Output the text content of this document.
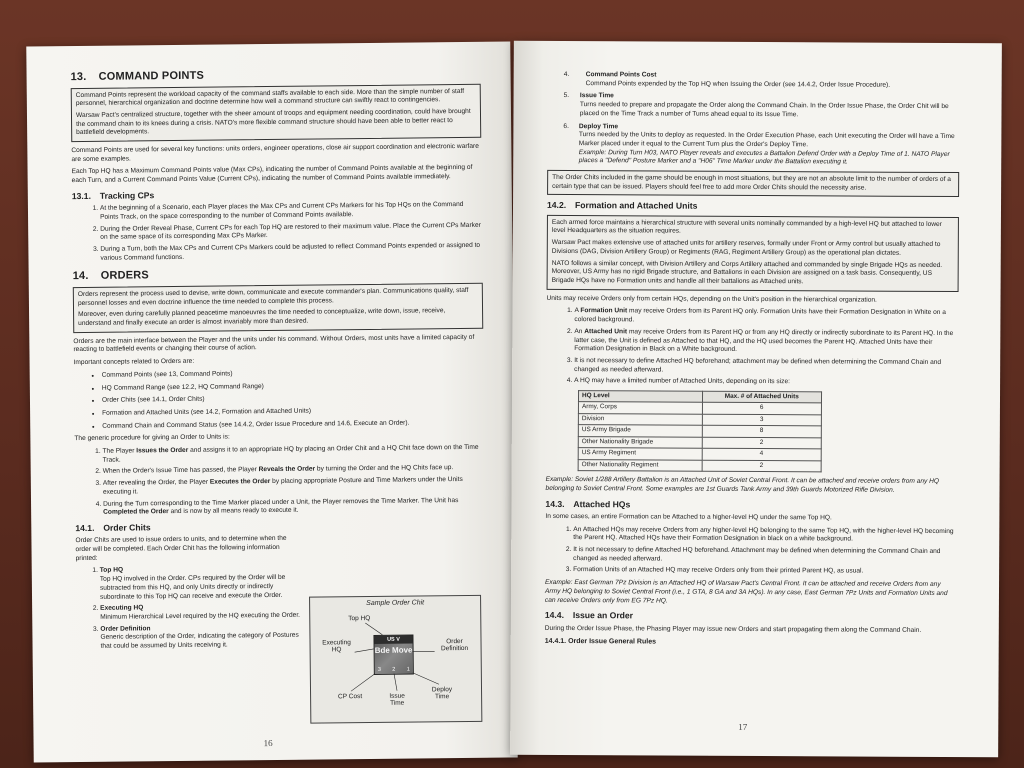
13. COMMAND POINTS

Command Points represent the workload capacity of the command staffs available to each side. More than the simple number of staff personnel, hierarchical organization and doctrine determine how well a command structure can swiftly react to contingencies.

Warsaw Pact's centralized structure, together with the sheer amount of troops and equipment needing coordination, could have brought the command chain to its knees during a crisis. NATO's more flexible command structure should have been able to better react to battlefield developments.

Command Points are used for several key functions: units orders, engineer operations, close air support coordination and electronic warfare are some examples.

Each Top HQ has a Maximum Command Points value (Max CPs), indicating the number of Command Points available at the beginning of each Turn, and a Current Command Points Value (Current CPs), indicating the number of Command Points available immediately.

13.1. Tracking CPs
1. At the beginning of a Scenario, each Player places the Max CPs and Current CPs Markers for his Top HQs on the Command Points Track, on the space corresponding to the number of Command Points available.
2. During the Order Reveal Phase, Current CPs for each Top HQ are restored to their maximum value. Place the Current CPs Marker on the same space of its corresponding Max CPs Marker.
3. During a Turn, both the Max CPs and Current CPs Markers could be adjusted to reflect Command Points expended or assigned to various Command functions.
14. ORDERS

Orders represent the process used to devise, write down, communicate and execute commander's plan. Communications quality, staff personnel losses and even doctrine influence the time needed to complete this process.

Moreover, even during carefully planned peacetime manoeuvres the time needed to conceptualize, write down, issue, receive, understand and finally execute an order is almost invariably more than desired.

Orders are the main interface between the Player and the units under his command. Without Orders, most units have a limited capacity of reacting to battlefield events or changing their course of action.

Important concepts related to Orders are:

• Command Points (see 13, Command Points)
• HQ Command Range (see 12.2, HQ Command Range)
• Order Chits (see 14.1, Order Chits)
• Formation and Attached Units (see 14.2, Formation and Attached Units)
• Command Chain and Command Status (see 14.4.2, Order Issue Procedure and 14.6, Execute an Order).

The generic procedure for giving an Order to Units is:

1. The Player Issues the Order and assigns it to an appropriate HQ by placing an Order Chit and a HQ Chit face down on the Time Track.
2. When the Order's Issue Time has passed, the Player Reveals the Order by turning the Order and the HQ Chits face up.
3. After revealing the Order, the Player Executes the Order by placing appropriate Posture and Time Markers under the Units executing it.
4. During the Turn corresponding to the Time Marker placed under a Unit, the Player removes the Time Marker. The Unit has Completed the Order and is now by all means ready to execute it.
14.1. Order Chits

Order Chits are used to issue orders to units, and to determine when the order will be completed. Each Order Chit has the following information printed:

1. Top HQ
Top HQ involved in the Order. CPs required by the Order will be subtracted from this HQ, and only Units directly or indirectly subordinate to this Top HQ can receive and execute the Order.
2. Executing HQ
Minimum Hierarchical Level required by the HQ executing the Order.
3. Order Definition
Generic description of the Order, indicating the category of Postures that could be assumed by Units receiving it.
Sample Order Chit
Top HQ
Executing HQ
Order Definition
CP Cost	Issue Time
Deploy Time
US V
Bde Move
3 2 1
16
4.	Command Points Cost
Command Points expended by the Top HQ when Issuing the Order (see 14.4.2, Order Issue Procedure).
5.	Issue Time
Turns needed to prepare and propagate the Order along the Command Chain. In the Order Issue Phase, the Order Chit will be placed on the Time Track a number of Turns ahead equal to its Issue Time.
6.	Deploy Time
Turns needed by the Units to deploy as requested. In the Order Execution Phase, each Unit executing the Order will have a Time Marker placed under it equal to the Current Turn plus the Order's Deploy Time.
Example: During Turn H03, NATO Player reveals and executes a Battalion Defend Order with a Deploy Time of 1. NATO Player places a "Defend" Posture Marker and a "H06" Time Marker under the Battalion executing it.

The Order Chits included in the game should be enough in most situations, but they are not an absolute limit to the number of orders of a certain type that can be issued. Players should feel free to add more Order Chits should the necessity arise.

14.2. Formation and Attached Units

Each armed force maintains a hierarchical structure with several units nominally commanded by a high-level HQ but attached to lower level Headquarters as the situation requires.

Warsaw Pact makes extensive use of attached units for artillery reserves, formally under Front or Army control but usually attached to Divisions (DAG, Division Artillery Group) or Regiments (RAG, Regiment Artillery Group) as the operational plan dictates.

NATO follows a similar concept, with Division Artillery and Corps Artillery attached and commanded by single Brigade HQs as needed. Moreover, US Army has no rigid Brigade structure, and Battalions in each Division are assigned on a task basis. Consequently, US Brigade HQs have no Formation units and handle all their battalions as Attached units.

Units may receive Orders only from certain HQs, depending on the Unit's position in the hierarchical organization.

1. A Formation Unit may receive Orders from its Parent HQ only. Formation Units have their Formation Designation in White on a colored background.
2. An Attached Unit may receive Orders from its Parent HQ or from any HQ directly or indirectly subordinate to its Parent HQ. In the latter case, the Unit is defined as Attached to that HQ, and the HQ used becomes the Parent HQ. Attached Units have their Formation Designation in Black on a White background.
3. It is not necessary to define Attached HQ beforehand; attachment may be defined when determining the Command Chain and changed as needed afterward.
4. A HQ may have a limited number of Attached Units, depending on its size:
HQ Level	Max. # of Attached Units
Army, Corps	6
Division	3
US Army Brigade	8
Other Nationality Brigade	2
US Army Regiment	4
Other Nationality Regiment	2

Example: Soviet 1/288 Artillery Battalion is an Attached Unit of Soviet Central Front. It can be attached and receive orders from any HQ belonging to Soviet Central Front. Some examples are 1st Guards Tank Army and 39th Guards Motorized Rifle Division.

14.3. Attached HQs

In some cases, an entire Formation can be Attached to a higher-level HQ under the same Top HQ.

1. An Attached HQs may receive Orders from any higher-level HQ belonging to the same Top HQ, with the higher-level HQ becoming the Parent HQ. Attached HQs have their Formation Designation in black on a white background.
2. It is not necessary to define Attached HQ beforehand. Attachment may be defined when determining the Command Chain and changed as needed afterward.
3. Formation Units of an Attached HQ may receive Orders only from their printed Parent HQ, as usual.

Example: East German 7Pz Division is an Attached HQ of Warsaw Pact's Central Front. It can be attached and receive Orders from any Army HQ belonging to Soviet Central Front (i.e., 1 GTA, 8 GA and 3A HQs). In any case, East German 7Pz Units and Formation Units and can receive Orders only from EG 7Pz HQ.

14.4. Issue an Order

During the Order Issue Phase, the Phasing Player may issue new Orders and start propagating them along the Command Chain.

14.4.1. Order Issue General Rules
17
